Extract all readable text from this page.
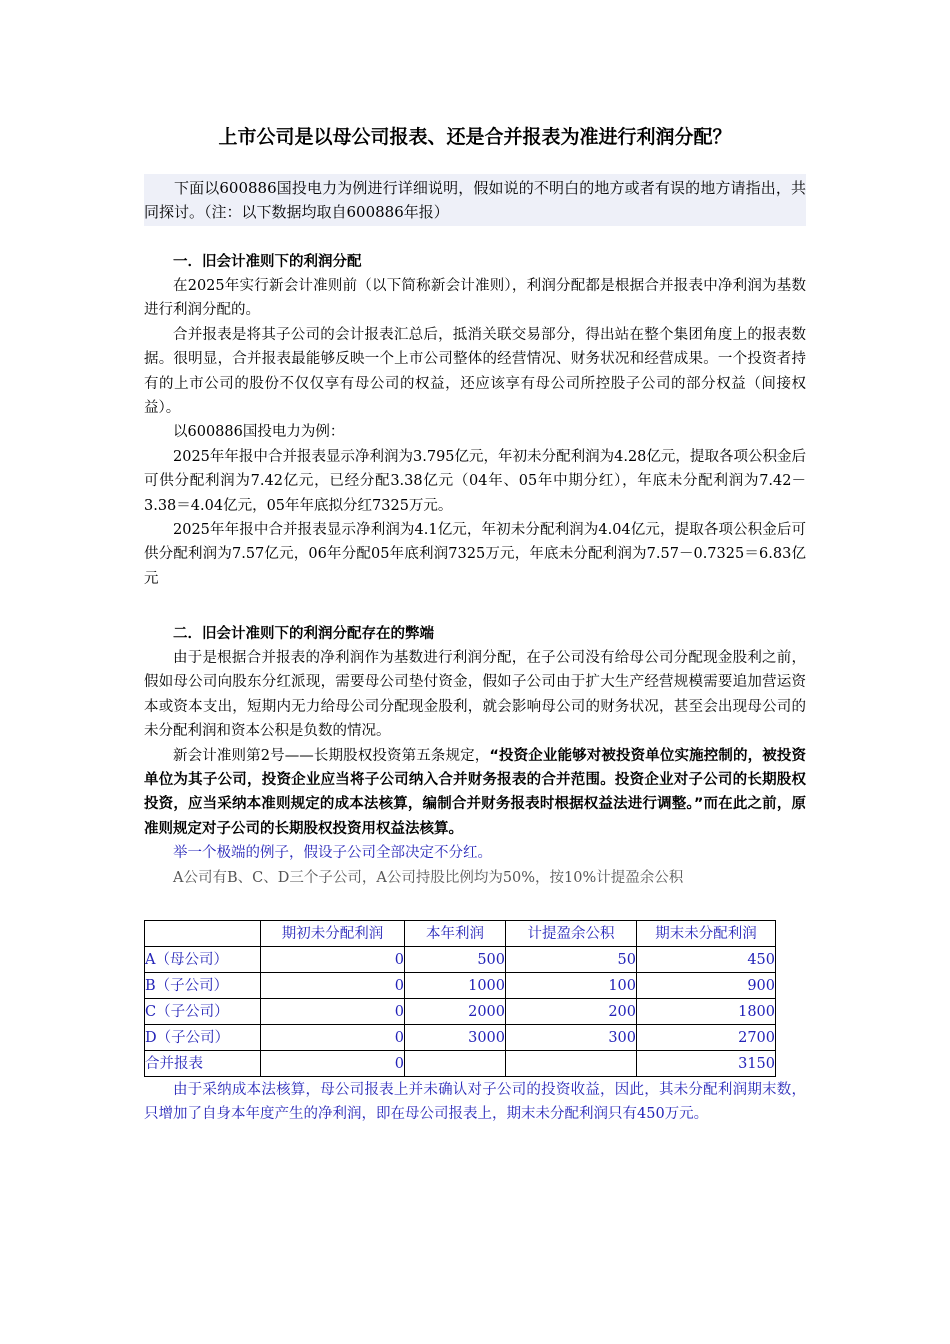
上市公司是以母公司报表、还是合并报表为准进行利润分配？

下面以600886国投电力为例进行详细说明，假如说的不明白的地方或者有误的地方请指出，共同探讨。（注：以下数据均取自600886年报）

一．旧会计准则下的利润分配

在2025年实行新会计准则前（以下简称新会计准则），利润分配都是根据合并报表中净利润为基数进行利润分配的。

合并报表是将其子公司的会计报表汇总后，抵消关联交易部分，得出站在整个集团角度上的报表数据。很明显，合并报表最能够反映一个上市公司整体的经营情况、财务状况和经营成果。一个投资者持有的上市公司的股份不仅仅享有母公司的权益，还应该享有母公司所控股子公司的部分权益（间接权益）。

以600886国投电力为例：

2025年年报中合并报表显示净利润为3.795亿元，年初未分配利润为4.28亿元，提取各项公积金后可供分配利润为7.42亿元，已经分配3.38亿元（04年、05年中期分红），年底未分配利润为7.42－3.38＝4.04亿元，05年年底拟分红7325万元。

2025年年报中合并报表显示净利润为4.1亿元，年初未分配利润为4.04亿元，提取各项公积金后可供分配利润为7.57亿元，06年分配05年底利润7325万元，年底未分配利润为7.57－0.7325＝6.83亿元

二．旧会计准则下的利润分配存在的弊端

由于是根据合并报表的净利润作为基数进行利润分配，在子公司没有给母公司分配现金股利之前，假如母公司向股东分红派现，需要母公司垫付资金，假如子公司由于扩大生产经营规模需要追加营运资本或资本支出，短期内无力给母公司分配现金股利，就会影响母公司的财务状况，甚至会出现母公司的未分配利润和资本公积是负数的情况。

新会计准则第2号——长期股权投资第五条规定，“投资企业能够对被投资单位实施控制的，被投资单位为其子公司，投资企业应当将子公司纳入合并财务报表的合并范围。投资企业对子公司的长期股权投资，应当采纳本准则规定的成本法核算，编制合并财务报表时根据权益法进行调整。”而在此之前，原准则规定对子公司的长期股权投资用权益法核算。

举一个极端的例子，假设子公司全部决定不分红。

A公司有B、C、D三个子公司，A公司持股比例均为50%，按10%计提盈余公积

	期初未分配利润	本年利润	计提盈余公积	期末未分配利润
A（母公司）	0	500	50	450
B（子公司）	0	1000	100	900
C（子公司）	0	2000	200	1800
D（子公司）	0	3000	300	2700
合并报表	0			3150

由于采纳成本法核算，母公司报表上并未确认对子公司的投资收益，因此，其未分配利润期末数，只增加了自身本年度产生的净利润，即在母公司报表上，期末未分配利润只有450万元。
